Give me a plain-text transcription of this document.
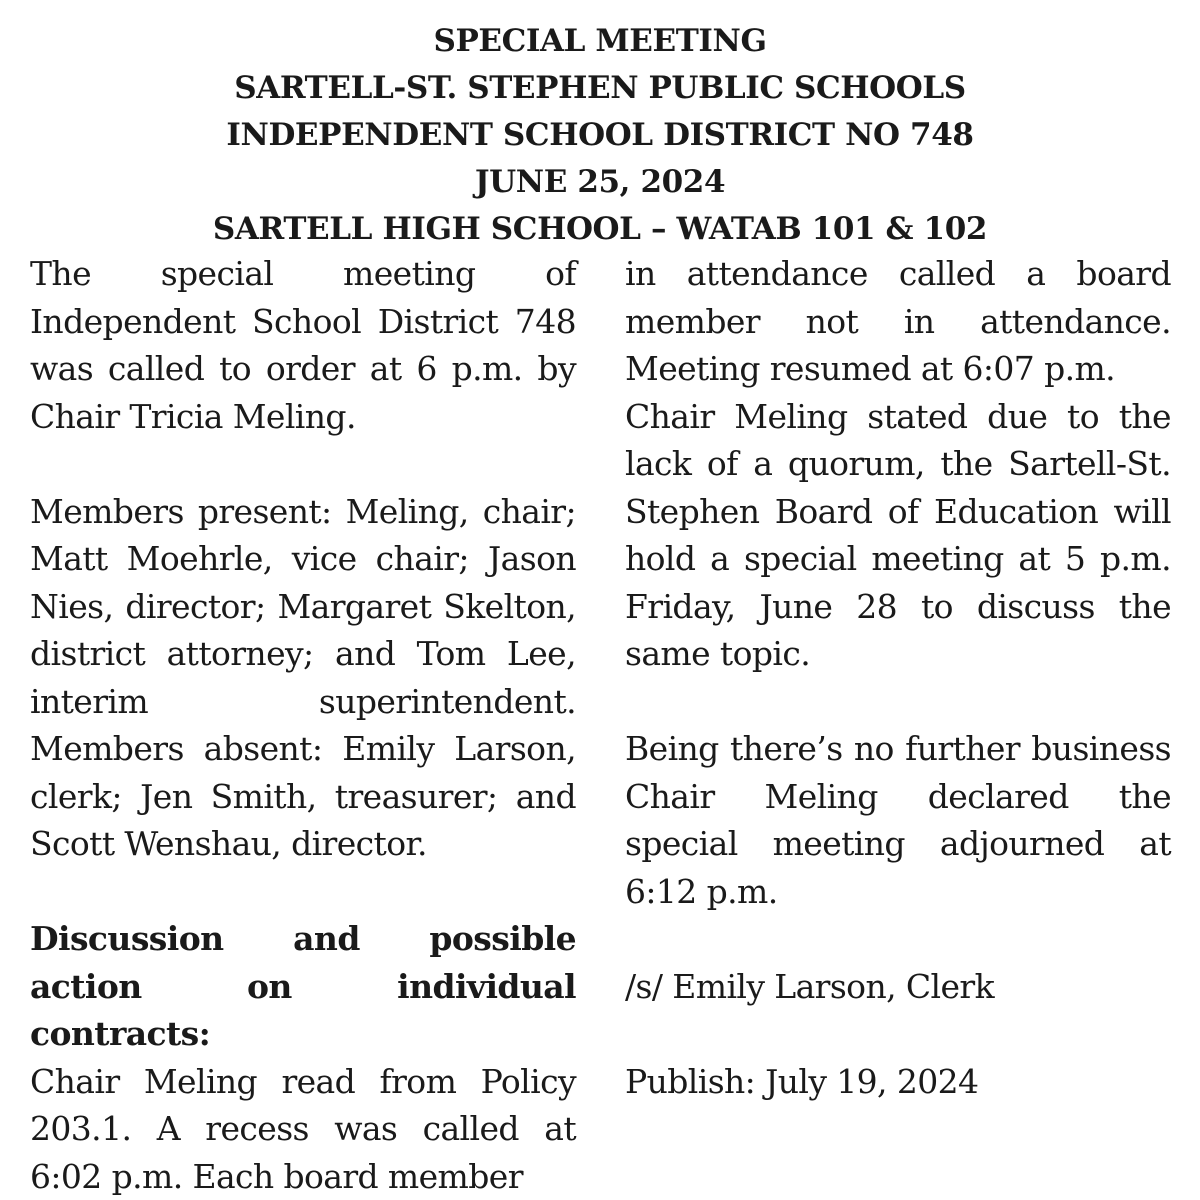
SPECIAL MEETING
SARTELL-ST. STEPHEN PUBLIC SCHOOLS
INDEPENDENT SCHOOL DISTRICT NO 748
JUNE 25, 2024
SARTELL HIGH SCHOOL – WATAB 101 & 102

The special meeting of Independent School District 748 was called to order at 6 p.m. by Chair Tricia Meling.

Members present: Meling, chair; Matt Moehrle, vice chair; Jason Nies, director; Margaret Skelton, district attorney; and Tom Lee, interim superintendent. Members absent: Emily Larson, clerk; Jen Smith, treasurer; and Scott Wenshau, director.

Discussion and possible action on individual contracts:

Chair Meling read from Policy 203.1. A recess was called at 6:02 p.m. Each board member

in attendance called a board member not in attendance. Meeting resumed at 6:07 p.m.

Chair Meling stated due to the lack of a quorum, the Sartell-St. Stephen Board of Education will hold a special meeting at 5 p.m. Friday, June 28 to discuss the same topic.

Being there’s no further business Chair Meling declared the special meeting adjourned at 6:12 p.m.

/s/ Emily Larson, Clerk

Publish: July 19, 2024
